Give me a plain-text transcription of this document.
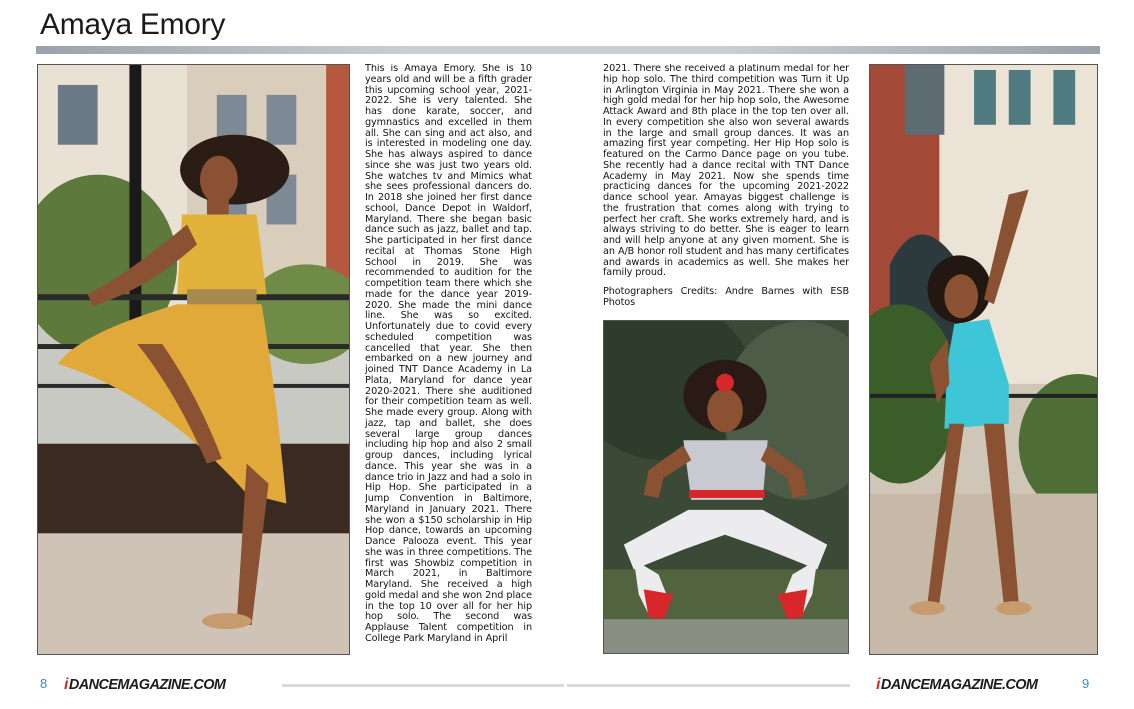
Amaya Emory

This is Amaya Emory. She is 10 years old and will be a fifth grader this upcoming school year, 2021-2022. She is very talented. She has done karate, soccer, and gymnastics and excelled in them all. She can sing and act also, and is interested in modeling one day. She has always aspired to dance since she was just two years old. She watches tv and Mimics what she sees professional dancers do. In 2018 she joined her first dance school, Dance Depot in Waldorf, Maryland. There she began basic dance such as jazz, ballet and tap. She participated in her first dance recital at Thomas Stone High School in 2019. She was recommended to audition for the competition team there which she made for the dance year 2019-2020. She made the mini dance line. She was so excited. Unfortunately due to covid every scheduled competition was cancelled that year. She then embarked on a new journey and joined TNT Dance Academy in La Plata, Maryland for dance year 2020-2021. There she auditioned for their competition team as well. She made every group. Along with jazz, tap and ballet, she does several large group dances including hip hop and also 2 small group dances, including lyrical dance. This year she was in a dance trio in Jazz and had a solo in Hip Hop. She participated in a Jump Convention in Baltimore, Maryland in January 2021. There she won a $150 scholarship in Hip Hop dance, towards an upcoming Dance Palooza event. This year she was in three competitions. The first was Showbiz competition in March 2021, in Baltimore Maryland. She received a high gold medal and she won 2nd place in the top 10 over all for her hip hop solo. The second was Applause Talent competition in College Park Maryland in April

2021. There she received a platinum medal for her hip hop solo. The third competition was Turn it Up in Arlington Virginia in May 2021. There she won a high gold medal for her hip hop solo, the Awesome Attack Award and 8th place in the top ten over all. In every competition she also won several awards in the large and small group dances. It was an amazing first year competing. Her Hip Hop solo is featured on the Carmo Dance page on you tube. She recently had a dance recital with TNT Dance Academy in May 2021. Now she spends time practicing dances for the upcoming 2021-2022 dance school year. Amayas biggest challenge is the frustration that comes along with trying to perfect her craft. She works extremely hard, and is always striving to do better. She is eager to learn and will help anyone at any given moment. She is an A/B honor roll student and has many certificates and awards in academics as well. She makes her family proud.

Photographers Credits: Andre Barnes with ESB Photos

8 iDANCEMAGAZINE.COM	iDANCEMAGAZINE.COM	9
